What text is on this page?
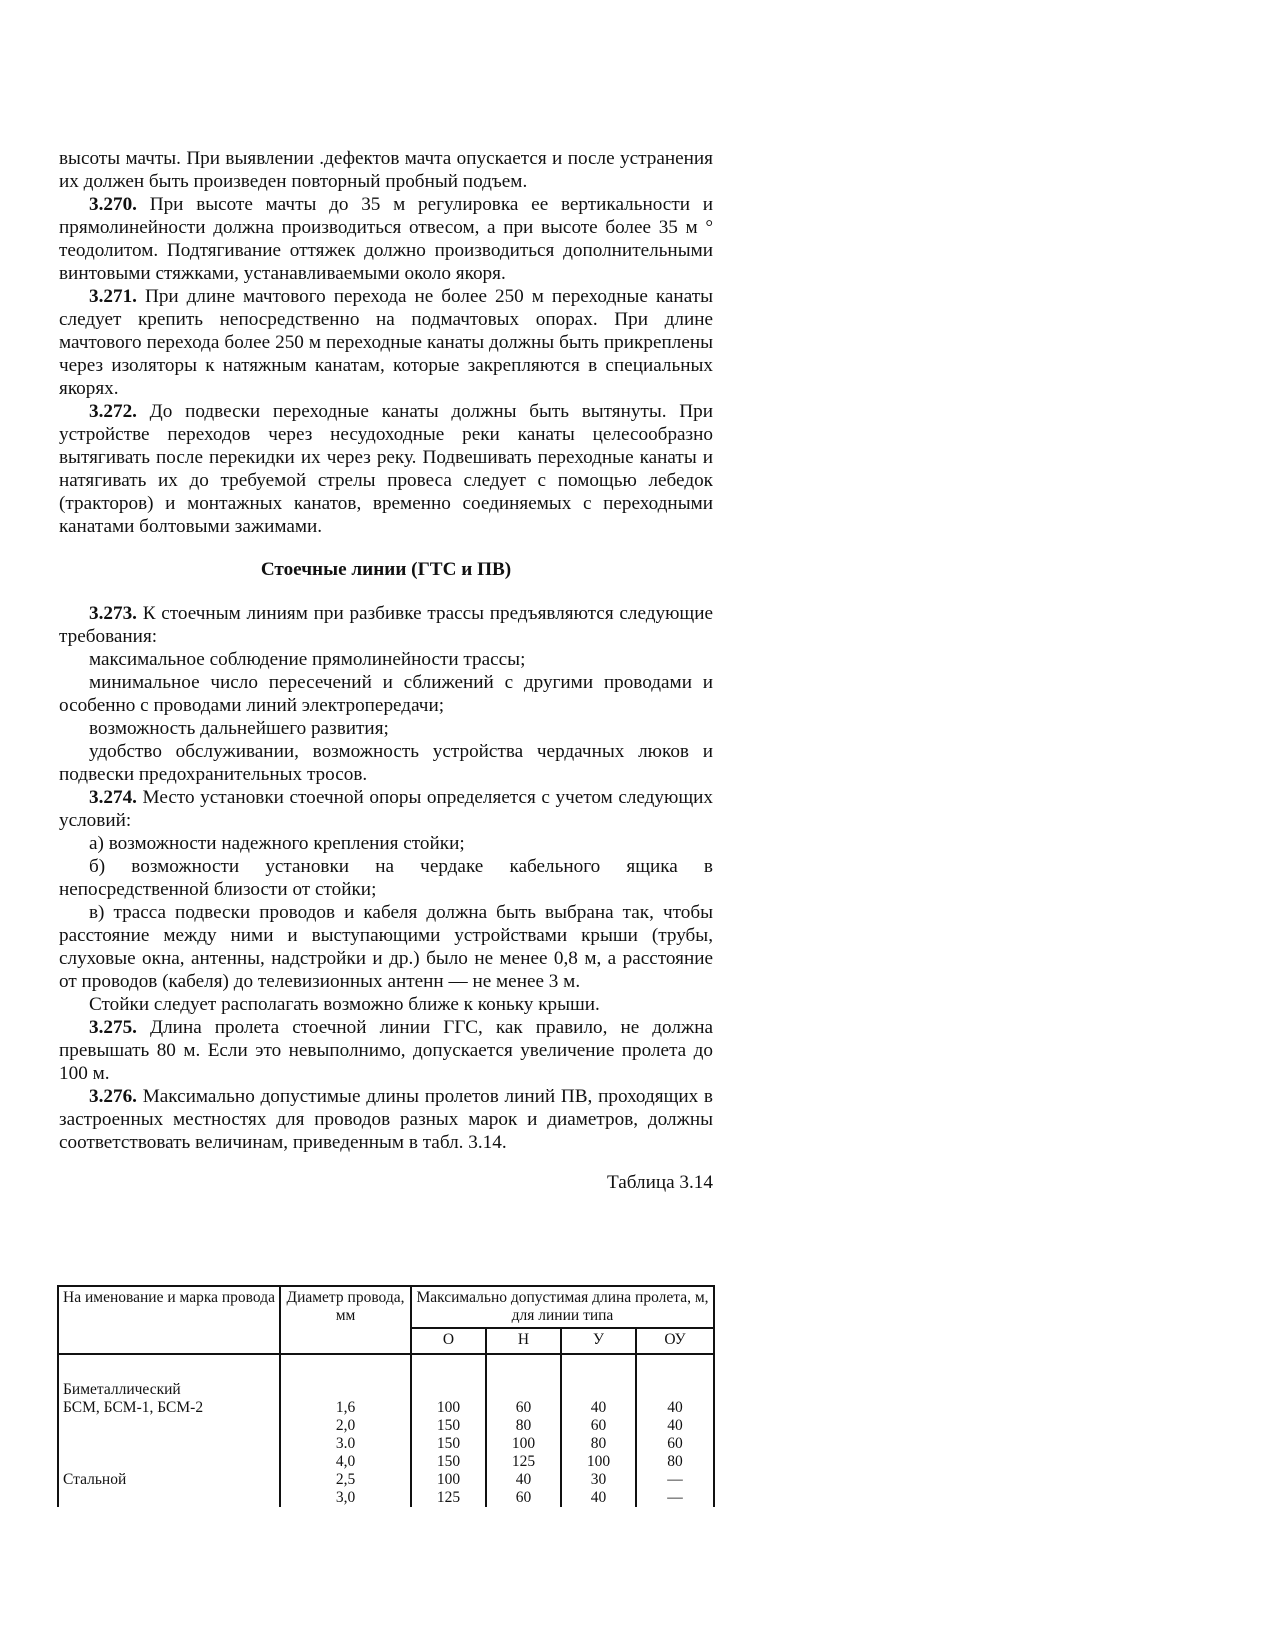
высоты мачты. При выявлении .дефектов мачта опускается и после устранения их должен быть произведен повторный пробный подъем.

3.270. При высоте мачты до 35 м регулировка ее вертикальности и прямолинейности должна производиться отвесом, а при высоте более 35 м ° теодолитом. Подтягивание оттяжек должно производиться дополнительными винтовыми стяжками, устанавливаемыми около якоря.

3.271. При длине мачтового перехода не более 250 м переходные канаты следует крепить непосредственно на подмачтовых опорах. При длине мачтового перехода более 250 м переходные канаты должны быть прикреплены через изоляторы к натяжным канатам, которые закрепляются в специальных якорях.

3.272. До подвески переходные канаты должны быть вытянуты. При устройстве переходов через несудоходные реки канаты целесообразно вытягивать после перекидки их через реку. Подвешивать переходные канаты и натягивать их до требуемой стрелы провеса следует с помощью лебедок (тракторов) и монтажных канатов, временно соединяемых с переходными канатами болтовыми зажимами.

Стоечные линии (ГТС и ПВ)

3.273. К стоечным линиям при разбивке трассы предъявляются следующие требования:

максимальное соблюдение прямолинейности трассы;

минимальное число пересечений и сближений с другими проводами и особенно с проводами линий электропередачи;

возможность дальнейшего развития;

удобство обслуживании, возможность устройства чердачных люков и подвески предохранительных тросов.

3.274. Место установки стоечной опоры определяется с учетом следующих условий:

а) возможности надежного крепления стойки;

б) возможности установки на чердаке кабельного ящика в непосредственной близости от стойки;

в) трасса подвески проводов и кабеля должна быть выбрана так, чтобы расстояние между ними и выступающими устройствами крыши (трубы, слуховые окна, антенны, надстройки и др.) было не менее 0,8 м, а расстояние от проводов (кабеля) до телевизионных антенн — не менее 3 м.

Стойки следует располагать возможно ближе к коньку крыши.

3.275. Длина пролета стоечной линии ГГС, как правило, не должна превышать 80 м. Если это невыполнимо, допускается увеличение пролета до 100 м.

3.276. Максимально допустимые длины пролетов линий ПВ, проходящих в застроенных местностях для проводов разных марок и диаметров, должны соответствовать величинам, приведенным в табл. 3.14.

Таблица 3.14
На именование и марка провода	Диаметр провода, мм	Максимально допустимая длина пролета, м, для линии типа			
		О	Н	У	ОУ
Биметаллический					
БСМ, БСМ-1, БСМ-2	1,6	100	60	40	40
	2,0	150	80	60	40
	3.0	150	100	80	60
	4,0	150	125	100	80
Стальной	2,5	100	40	30	—
	3,0	125	60	40	—
